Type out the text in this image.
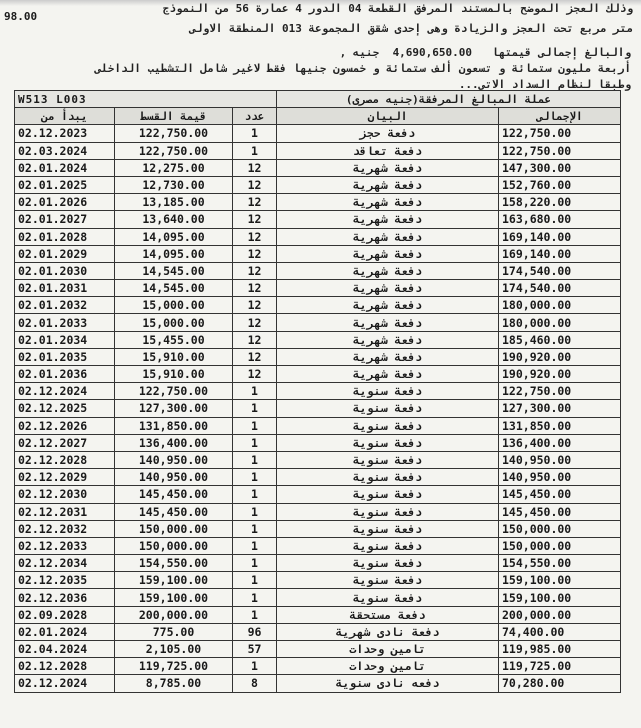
وذلك العجز الموضح بالمستند المرفق القطعة 04 الدور 4 عمارة 56 من النموذج
98.00
متر مربع تحت العجز والزيادة وهى إحدى شقق المجموعة 013 المنطقة الاولى
والبالغ إجمالى قيمتها   4,690,650.00  جنيه ,
أربعة مليون ستمائة و تسعون ألف ستمائة و خمسون جنيها فقط لاغير شامل التشطيب الداخلى
وطبقا لنظام السداد الاتى...
W513 L003			عملة المبالغ المرفقة(جنيه مصرى)	
يبدأ من	قيمة القسط	عدد	البيان	الإجمالى
02.12.2023	122,750.00	1	دفعة حجز	122,750.00
02.03.2024	122,750.00	1	دفعة تعاقد	122,750.00
02.01.2024	12,275.00	12	دفعة شهرية	147,300.00
02.01.2025	12,730.00	12	دفعة شهرية	152,760.00
02.01.2026	13,185.00	12	دفعة شهرية	158,220.00
02.01.2027	13,640.00	12	دفعة شهرية	163,680.00
02.01.2028	14,095.00	12	دفعة شهرية	169,140.00
02.01.2029	14,095.00	12	دفعة شهرية	169,140.00
02.01.2030	14,545.00	12	دفعة شهرية	174,540.00
02.01.2031	14,545.00	12	دفعة شهرية	174,540.00
02.01.2032	15,000.00	12	دفعة شهرية	180,000.00
02.01.2033	15,000.00	12	دفعة شهرية	180,000.00
02.01.2034	15,455.00	12	دفعة شهرية	185,460.00
02.01.2035	15,910.00	12	دفعة شهرية	190,920.00
02.01.2036	15,910.00	12	دفعة شهرية	190,920.00
02.12.2024	122,750.00	1	دفعة سنوية	122,750.00
02.12.2025	127,300.00	1	دفعة سنوية	127,300.00
02.12.2026	131,850.00	1	دفعة سنوية	131,850.00
02.12.2027	136,400.00	1	دفعة سنوية	136,400.00
02.12.2028	140,950.00	1	دفعة سنوية	140,950.00
02.12.2029	140,950.00	1	دفعة سنوية	140,950.00
02.12.2030	145,450.00	1	دفعة سنوية	145,450.00
02.12.2031	145,450.00	1	دفعة سنوية	145,450.00
02.12.2032	150,000.00	1	دفعة سنوية	150,000.00
02.12.2033	150,000.00	1	دفعة سنوية	150,000.00
02.12.2034	154,550.00	1	دفعة سنوية	154,550.00
02.12.2035	159,100.00	1	دفعة سنوية	159,100.00
02.12.2036	159,100.00	1	دفعة سنوية	159,100.00
02.09.2028	200,000.00	1	دفعة مستحقة	200,000.00
02.01.2024	775.00	96	دفعة نادى شهرية	74,400.00
02.04.2024	2,105.00	57	تامين وحدات	119,985.00
02.12.2028	119,725.00	1	تامين وحدات	119,725.00
02.12.2024	8,785.00	8	دفعه نادى سنوية	70,280.00
